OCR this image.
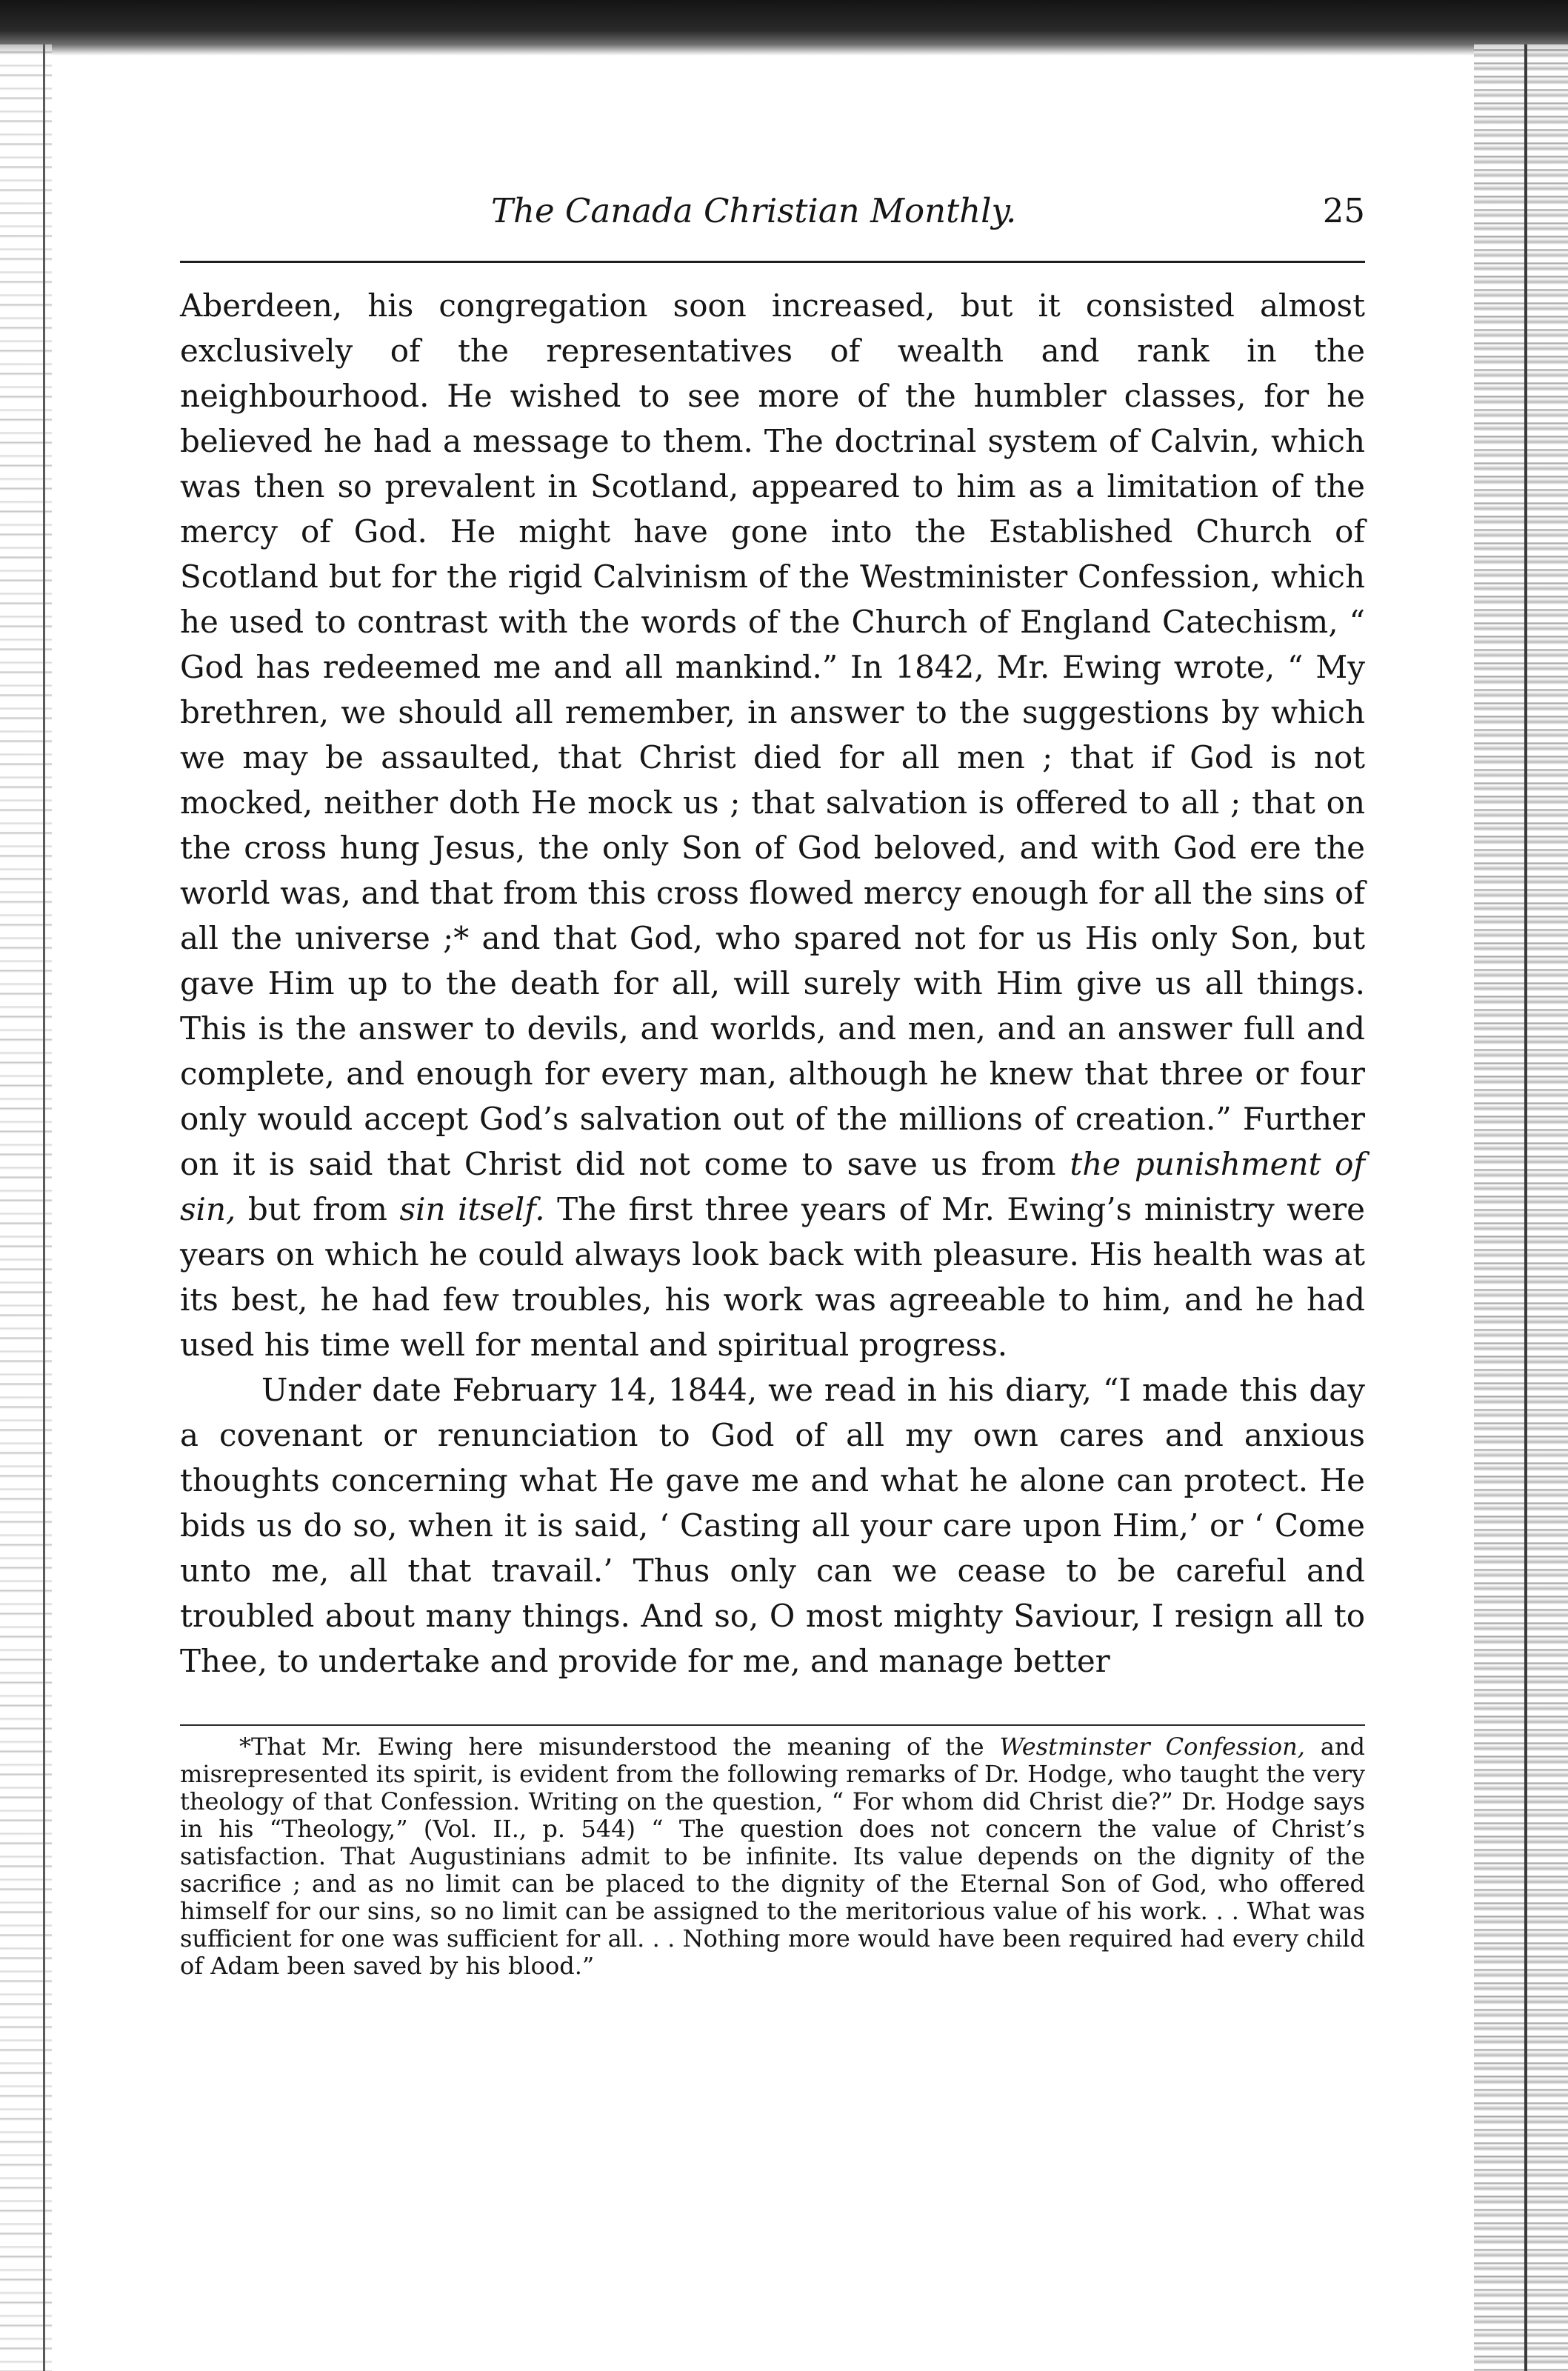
The Canada Christian Monthly.	25

Aberdeen, his congregation soon increased, but it consisted almost exclusively of the representatives of wealth and rank in the neighbourhood. He wished to see more of the humbler classes, for he believed he had a message to them. The doctrinal system of Calvin, which was then so prevalent in Scotland, appeared to him as a limitation of the mercy of God. He might have gone into the Established Church of Scotland but for the rigid Calvinism of the Westminister Confession, which he used to contrast with the words of the Church of England Catechism, “ God has redeemed me and all mankind.” In 1842, Mr. Ewing wrote, “ My brethren, we should all remember, in answer to the suggestions by which we may be assaulted, that Christ died for all men ; that if God is not mocked, neither doth He mock us ; that salvation is offered to all ; that on the cross hung Jesus, the only Son of God beloved, and with God ere the world was, and that from this cross flowed mercy enough for all the sins of all the universe ;* and that God, who spared not for us His only Son, but gave Him up to the death for all, will surely with Him give us all things. This is the answer to devils, and worlds, and men, and an answer full and complete, and enough for every man, although he knew that three or four only would accept God’s salvation out of the millions of creation.” Further on it is said that Christ did not come to save us from the punishment of sin, but from sin itself. The first three years of Mr. Ewing’s ministry were years on which he could always look back with pleasure. His health was at its best, he had few troubles, his work was agreeable to him, and he had used his time well for mental and spiritual progress.

Under date February 14, 1844, we read in his diary, “I made this day a covenant or renunciation to God of all my own cares and anxious thoughts concerning what He gave me and what he alone can protect. He bids us do so, when it is said, ‘ Casting all your care upon Him,’ or ‘ Come unto me, all that travail.’ Thus only can we cease to be careful and troubled about many things. And so, O most mighty Saviour, I resign all to Thee, to undertake and provide for me, and manage better

*That Mr. Ewing here misunderstood the meaning of the Westminster Confession, and misrepresented its spirit, is evident from the following remarks of Dr. Hodge, who taught the very theology of that Confession. Writing on the question, “ For whom did Christ die?” Dr. Hodge says in his “Theology,” (Vol. II., p. 544) “ The question does not concern the value of Christ’s satisfaction. That Augustinians admit to be infinite. Its value depends on the dignity of the sacrifice ; and as no limit can be placed to the dignity of the Eternal Son of God, who offered himself for our sins, so no limit can be assigned to the meritorious value of his work. . . What was sufficient for one was sufficient for all. . . Nothing more would have been required had every child of Adam been saved by his blood.”
